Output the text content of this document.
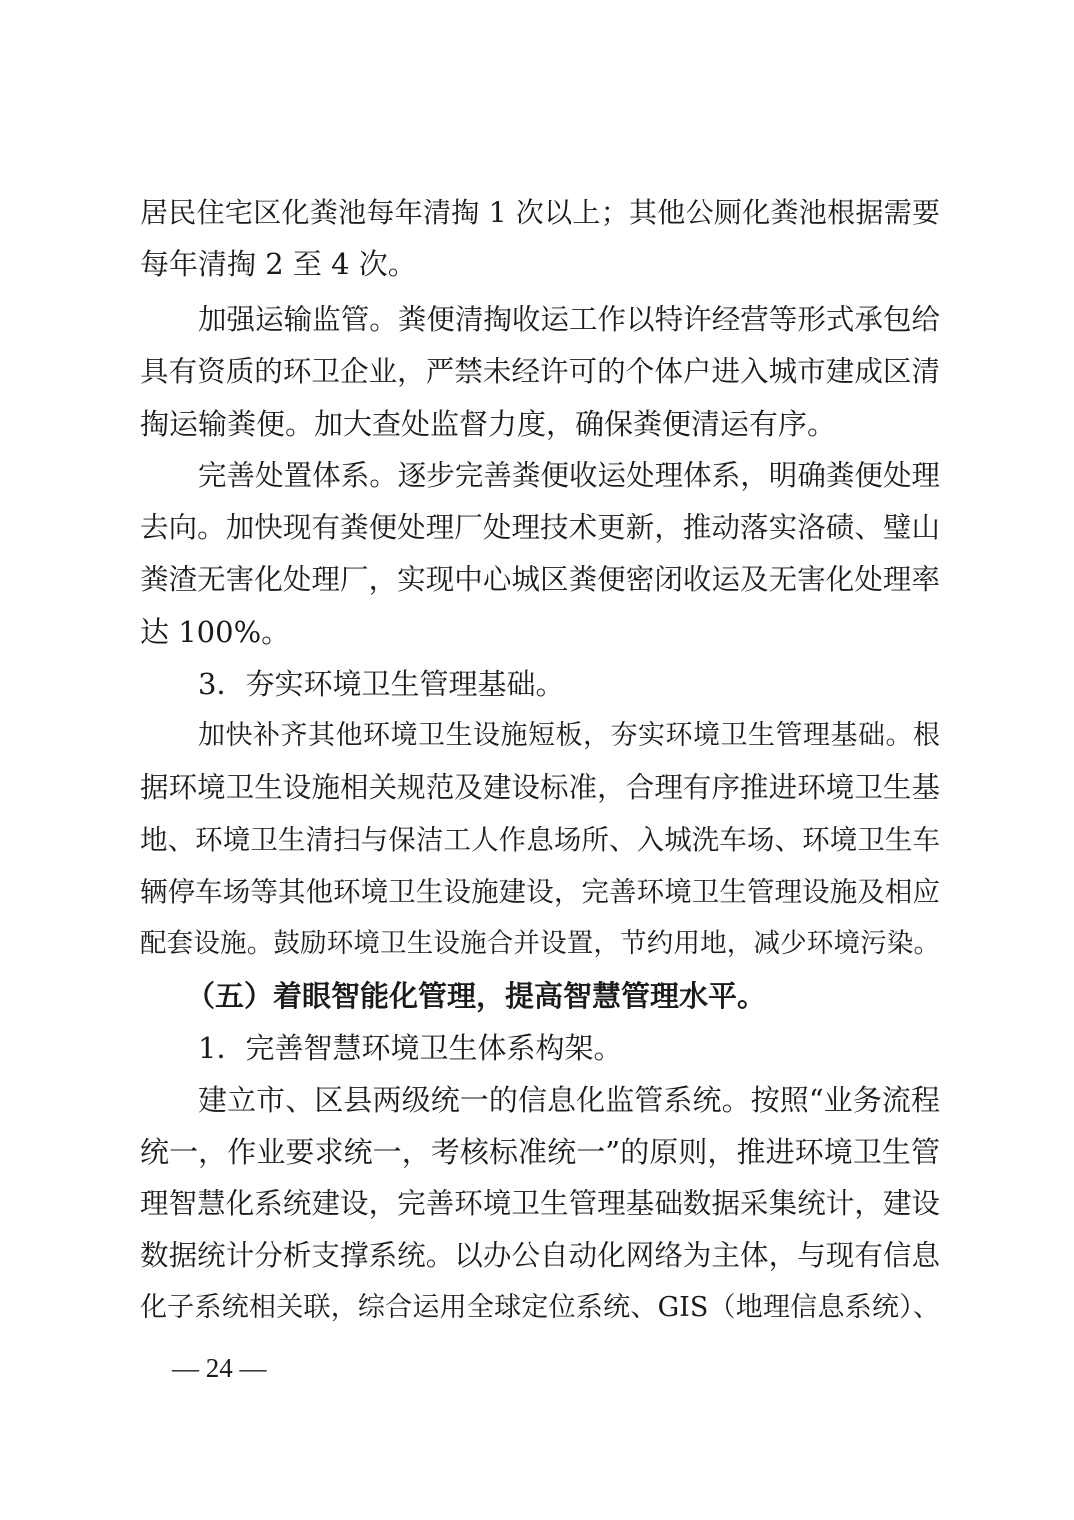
居民住宅区化粪池每年清掏 1 次以上；其他公厕化粪池根据需要
每年清掏 2 至 4 次。
加强运输监管。粪便清掏收运工作以特许经营等形式承包给
具有资质的环卫企业，严禁未经许可的个体户进入城市建成区清
掏运输粪便。加大查处监督力度，确保粪便清运有序。
完善处置体系。逐步完善粪便收运处理体系，明确粪便处理
去向。加快现有粪便处理厂处理技术更新，推动落实洛碛、璧山
粪渣无害化处理厂，实现中心城区粪便密闭收运及无害化处理率
达 100%。
3．夯实环境卫生管理基础。
加快补齐其他环境卫生设施短板，夯实环境卫生管理基础。根
据环境卫生设施相关规范及建设标准，合理有序推进环境卫生基
地、环境卫生清扫与保洁工人作息场所、入城洗车场、环境卫生车
辆停车场等其他环境卫生设施建设，完善环境卫生管理设施及相应
配套设施。鼓励环境卫生设施合并设置，节约用地，减少环境污染。
（五）着眼智能化管理，提高智慧管理水平。
1．完善智慧环境卫生体系构架。
建立市、区县两级统一的信息化监管系统。按照“业务流程
统一，作业要求统一，考核标准统一”的原则，推进环境卫生管
理智慧化系统建设，完善环境卫生管理基础数据采集统计，建设
数据统计分析支撑系统。以办公自动化网络为主体，与现有信息
化子系统相关联，综合运用全球定位系统、GIS（地理信息系统）、
— 24 —
